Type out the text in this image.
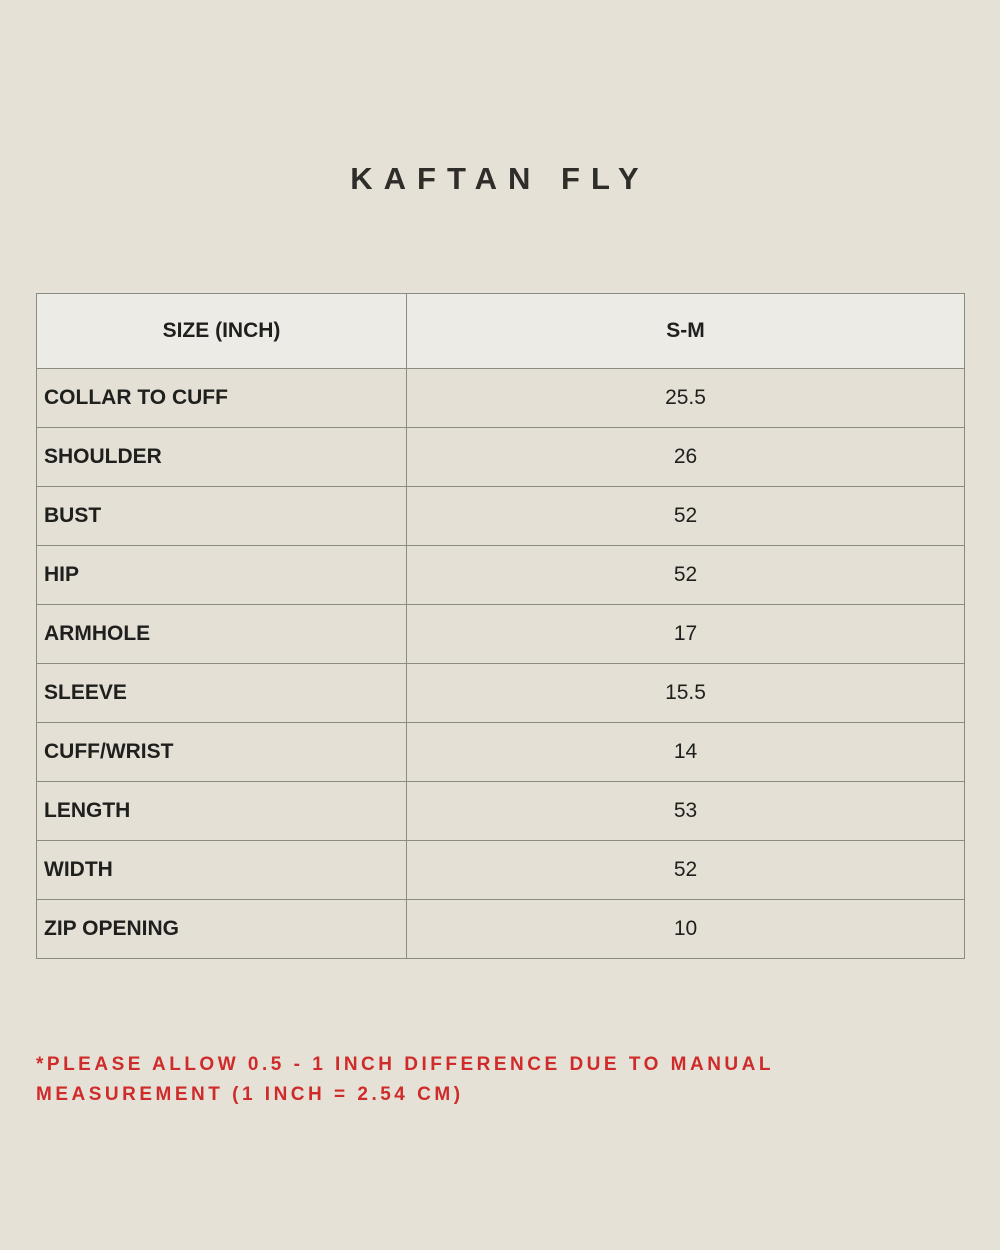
KAFTAN FLY
SIZE (INCH)	S-M
COLLAR TO CUFF	25.5
SHOULDER	26
BUST	52
HIP	52
ARMHOLE	17
SLEEVE	15.5
CUFF/WRIST	14
LENGTH	53
WIDTH	52
ZIP OPENING	10
*PLEASE ALLOW 0.5 - 1 INCH DIFFERENCE DUE TO MANUAL MEASUREMENT (1 INCH = 2.54 CM)
